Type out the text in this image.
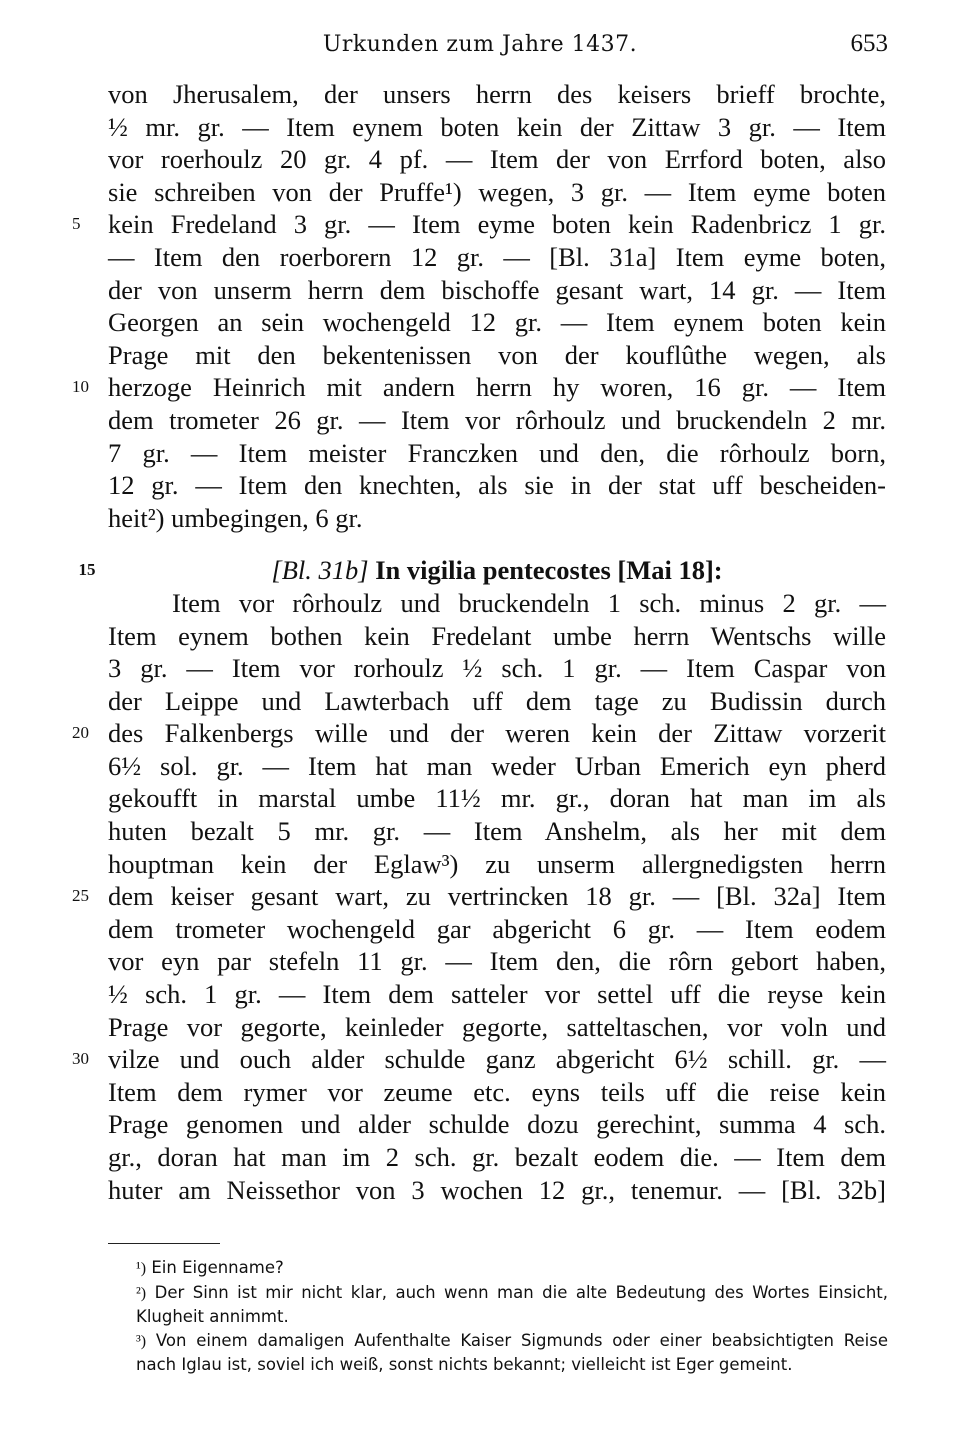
Urkunden zum Jahre 1437.	653
von Jherusalem, der unsers herrn des keisers brieff brochte,
½ mr. gr. — Item eynem boten kein der Zittaw 3 gr. — Item
vor roerhoulz 20 gr. 4 pf. — Item der von Errford boten, also
sie schreiben von der Pruffe¹) wegen, 3 gr. — Item eyme boten
5	kein Fredeland 3 gr. — Item eyme boten kein Radenbricz 1 gr.
— Item den roerborern 12 gr. — [Bl. 31a] Item eyme boten,
der von unserm herrn dem bischoffe gesant wart, 14 gr. — Item
Georgen an sein wochengeld 12 gr. — Item eynem boten kein
Prage mit den bekentenissen von der kouflûthe wegen, als
10 herzoge Heinrich mit andern herrn hy woren, 16 gr. — Item
dem trometer 26 gr. — Item vor rôrhoulz und bruckendeln 2 mr.
7 gr. — Item meister Franczken und den, die rôrhoulz born,
12 gr. — Item den knechten, als sie in der stat uff bescheiden-
heit²) umbegingen, 6 gr.
15	[Bl. 31b] In vigilia pentecostes [Mai 18]:
Item vor rôrhoulz und bruckendeln 1 sch. minus 2 gr. —
Item eynem bothen kein Fredelant umbe herrn Wentschs wille
3 gr. — Item vor rorhoulz ½ sch. 1 gr. — Item Caspar von
der Leippe und Lawterbach uff dem tage zu Budissin durch
20 des Falkenbergs wille und der weren kein der Zittaw vorzerit
6½ sol. gr. — Item hat man weder Urban Emerich eyn pherd
gekoufft in marstal umbe 11½ mr. gr., doran hat man im als
huten bezalt 5 mr. gr. — Item Anshelm, als her mit dem
houptman kein der Eglaw³) zu unserm allergnedigsten herrn
25 dem keiser gesant wart, zu vertrincken 18 gr. — [Bl. 32a] Item
dem trometer wochengeld gar abgericht 6 gr. — Item eodem
vor eyn par stefeln 11 gr. — Item den, die rôrn gebort haben,
½ sch. 1 gr. — Item dem satteler vor settel uff die reyse kein
Prage vor gegorte, keinleder gegorte, satteltaschen, vor voln und
30 vilze und ouch alder schulde ganz abgericht 6½ schill. gr. —
Item dem rymer vor zeume etc. eyns teils uff die reise kein
Prage genomen und alder schulde dozu gerechint, summa 4 sch.
gr., doran hat man im 2 sch. gr. bezalt eodem die. — Item dem
huter am Neissethor von 3 wochen 12 gr., tenemur. — [Bl. 32b]
¹) Ein Eigenname?
²) Der Sinn ist mir nicht klar, auch wenn man die alte Bedeutung des Wortes Einsicht, Klugheit annimmt.
³) Von einem damaligen Aufenthalte Kaiser Sigmunds oder einer beabsichtigten Reise nach Iglau ist, soviel ich weiß, sonst nichts bekannt; vielleicht ist Eger gemeint.
